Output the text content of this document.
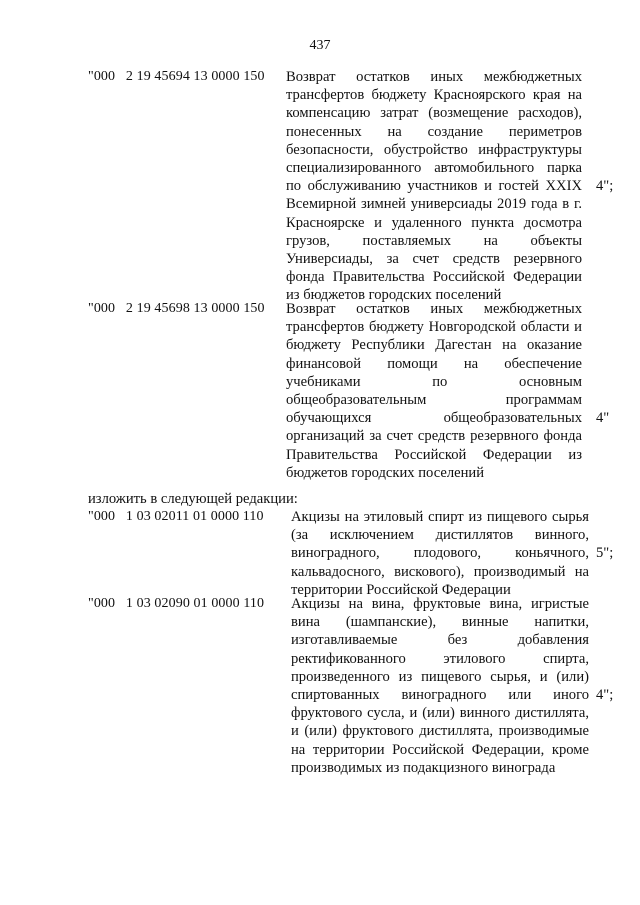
437
"000   2 19 45694 13 0000 150 Возврат остатков иных межбюджетных трансфертов бюджету Красноярского края на компенсацию затрат (возмещение расходов), понесенных на создание периметров безопасности, обустройство инфраструктуры специализированного автомобильного парка по обслуживанию участников и гостей XXIX Всемирной зимней универсиады 2019 года в г. Красноярске и удаленного пункта досмотра грузов, поставляемых на объекты Универсиады, за счет средств резервного фонда Правительства Российской Федерации из бюджетов городских поселений
4";
"000   2 19 45698 13 0000 150 Возврат остатков иных межбюджетных трансфертов бюджету Новгородской области и бюджету Республики Дагестан на оказание финансовой помощи на обеспечение учебниками по основным общеобразовательным программам обучающихся общеобразовательных организаций за счет средств резервного фонда Правительства Российской Федерации из бюджетов городских поселений
4"
изложить в следующей редакции:
"000   1 03 02011 01 0000 110 Акцизы на этиловый спирт из пищевого сырья (за исключением дистиллятов винного, виноградного, плодового, коньячного, кальвадосного, вискового), производимый на территории Российской Федерации
5";
"000   1 03 02090 01 0000 110 Акцизы на вина, фруктовые вина, игристые вина (шампанские), винные напитки, изготавливаемые без добавления ректификованного этилового спирта, произведенного из пищевого сырья, и (или) спиртованных виноградного или иного фруктового сусла, и (или) винного дистиллята, и (или) фруктового дистиллята, производимые на территории Российской Федерации, кроме производимых из подакцизного винограда
4";
